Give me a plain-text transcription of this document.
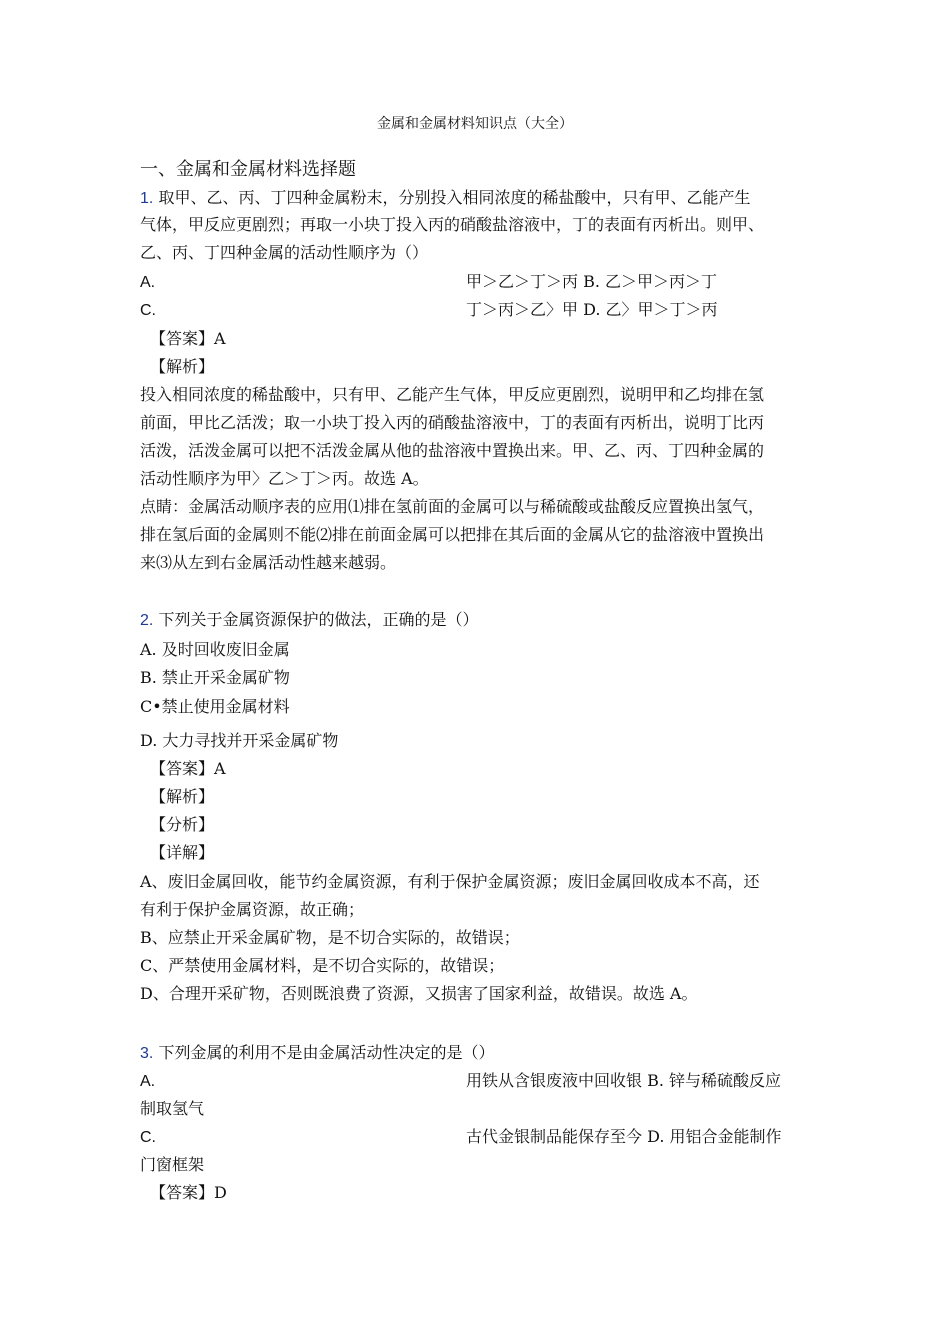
金属和金属材料知识点（大全）
一、金属和金属材料选择题
1. 取甲、乙、丙、丁四种金属粉末，分别投入相同浓度的稀盐酸中，只有甲、乙能产生
气体，甲反应更剧烈；再取一小块丁投入丙的硝酸盐溶液中，丁的表面有丙析出。则甲、
乙、丙、丁四种金属的活动性顺序为（）
A.	甲＞乙＞丁＞丙 B. 乙＞甲＞丙＞丁
C.	丁＞丙＞乙〉甲 D. 乙〉甲＞丁＞丙
【答案】A
【解析】
投入相同浓度的稀盐酸中，只有甲、乙能产生气体，甲反应更剧烈，说明甲和乙均排在氢
前面，甲比乙活泼；取一小块丁投入丙的硝酸盐溶液中，丁的表面有丙析出，说明丁比丙
活泼，活泼金属可以把不活泼金属从他的盐溶液中置换出来。甲、乙、丙、丁四种金属的
活动性顺序为甲〉乙＞丁＞丙。故选 A。
点睛：金属活动顺序表的应用⑴排在氢前面的金属可以与稀硫酸或盐酸反应置换出氢气，
排在氢后面的金属则不能⑵排在前面金属可以把排在其后面的金属从它的盐溶液中置换出
来⑶从左到右金属活动性越来越弱。
2. 下列关于金属资源保护的做法，正确的是（）
A. 及时回收废旧金属
B. 禁止开采金属矿物
C•禁止使用金属材料
D. 大力寻找并开采金属矿物
【答案】A
【解析】
【分析】
【详解】
A、废旧金属回收，能节约金属资源，有利于保护金属资源；废旧金属回收成本不高，还
有利于保护金属资源，故正确；
B、应禁止开采金属矿物，是不切合实际的，故错误；
C、严禁使用金属材料，是不切合实际的，故错误；
D、合理开采矿物，否则既浪费了资源，又损害了国家利益，故错误。故选 A。
3. 下列金属的利用不是由金属活动性决定的是（）
A.	用铁从含银废液中回收银 B. 锌与稀硫酸反应
制取氢气
C.	古代金银制品能保存至今 D. 用铝合金能制作
门窗框架
【答案】D
